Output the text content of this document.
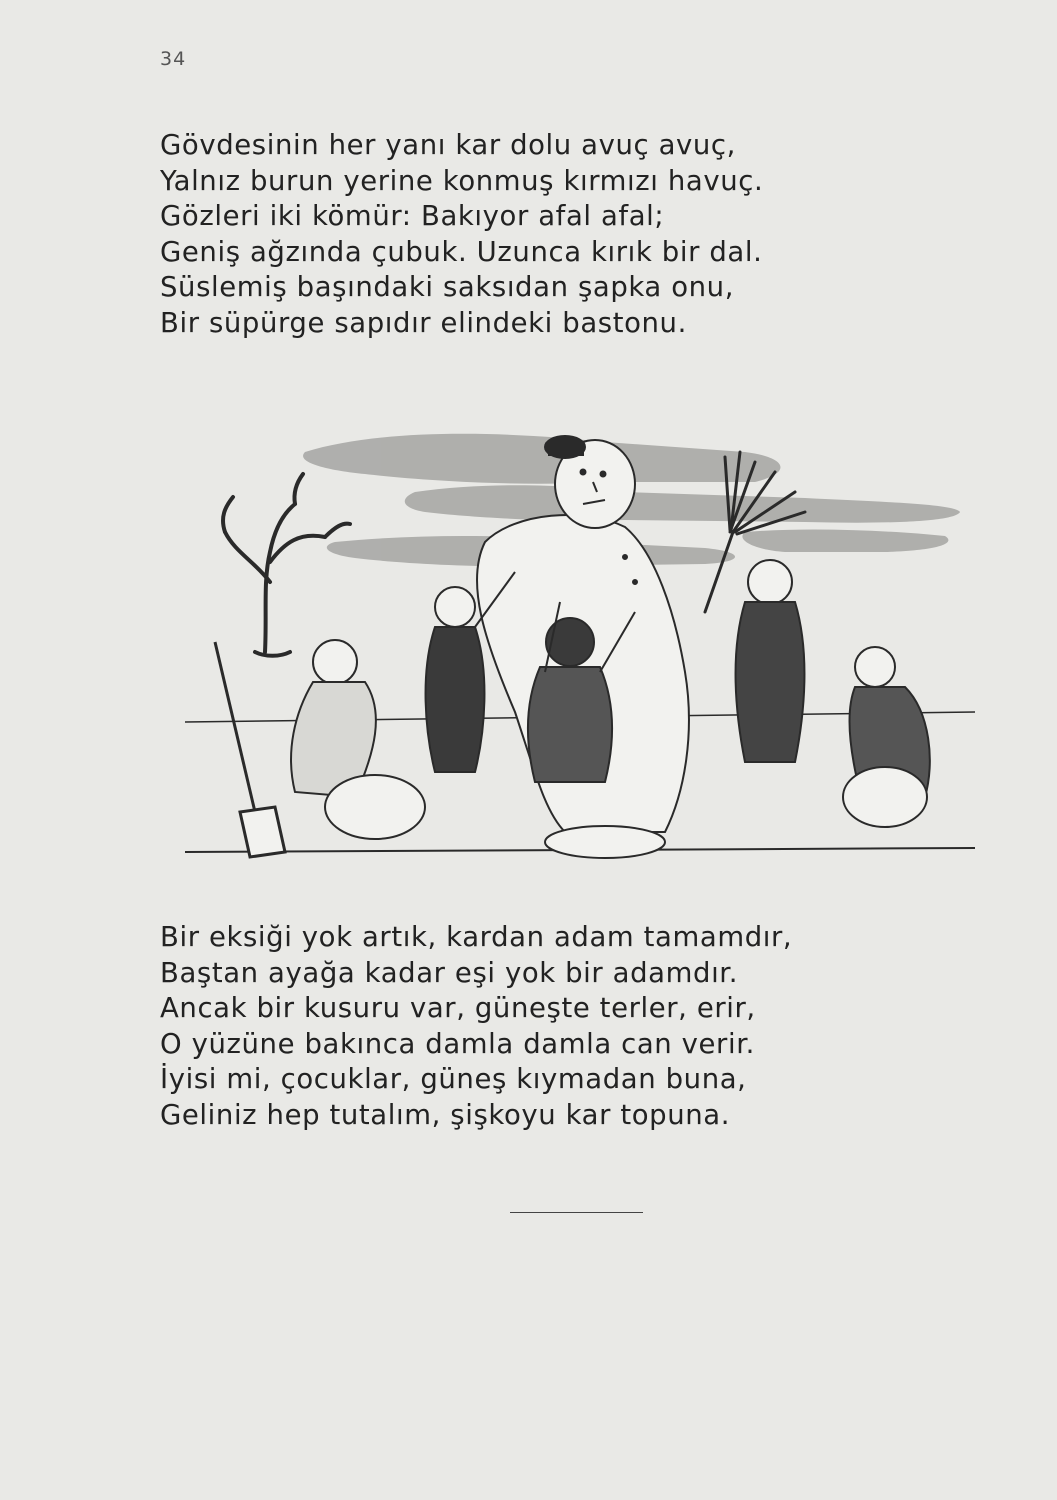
34
Gövdesinin her yanı kar dolu avuç avuç,
Yalnız burun yerine konmuş kırmızı havuç.
Gözleri iki kömür: Bakıyor afal afal;
Geniş ağzında çubuk. Uzunca kırık bir dal.
Süslemiş başındaki saksıdan şapka onu,
Bir süpürge sapıdır elindeki bastonu.
Bir eksiği yok artık, kardan adam tamamdır,
Baştan ayağa kadar eşi yok bir adamdır.
Ancak bir kusuru var, güneşte terler, erir,
O yüzüne bakınca damla damla can verir.
İyisi mi, çocuklar, güneş kıymadan buna,
Geliniz hep tutalım, şişkoyu kar topuna.
